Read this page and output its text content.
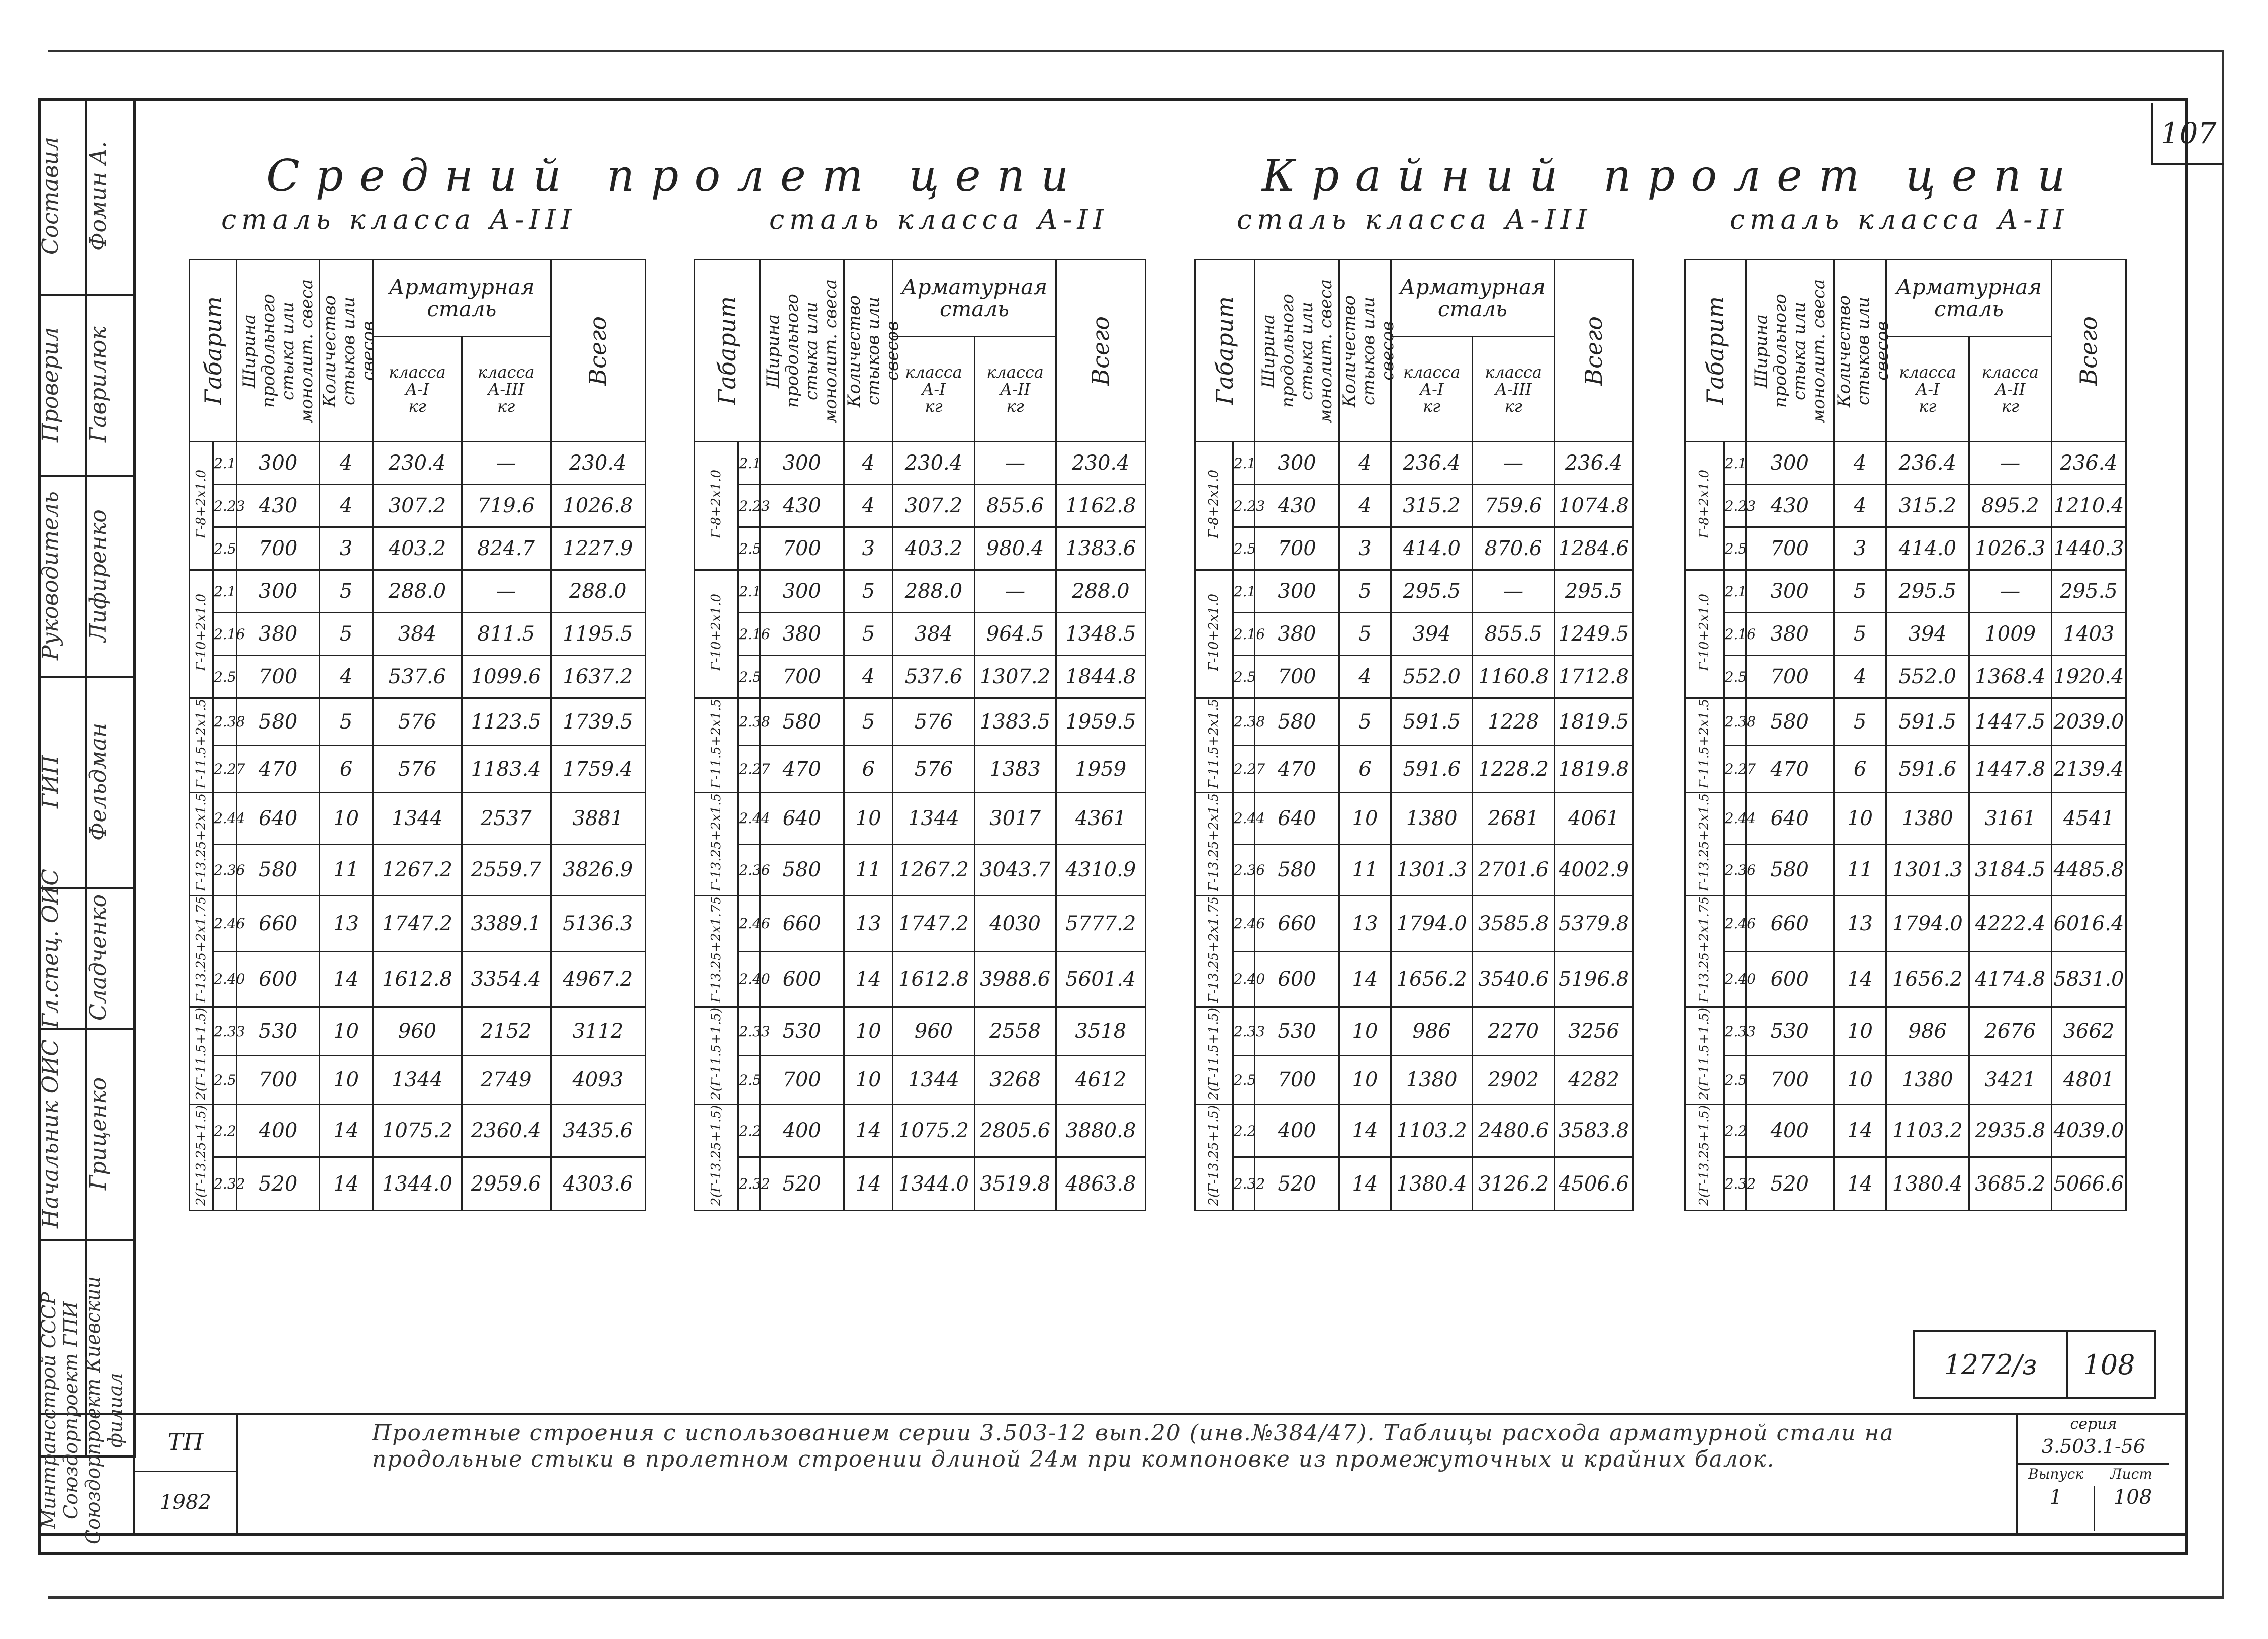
Составил	Фомин А.
Проверил	Гаврилюк
Руководитель	Лифиренко
ГИП	Фельдман
Гл.спец. ОИС	Сладченко
Начальник ОИС	Гриценко
Минтрансстрой СССР Союздорпроект ГПИ Союздорпроект Киевский филиал
107
Средний пролет цепи	Крайний пролет цепи
сталь класса А-III	сталь класса А-II	сталь класса А-III	сталь класса А-II
Габарит		Ширина продольного стыка или монолит. свеса	Количество стыков или свесов	Арматурная сталь		Всего

				класса
А-I
кг	класса
А-III
кг	

Г-8+2х1.0	2.1	300	4	230.4	—	230.4
	2.23	430	4	307.2	719.6	1026.8
	2.5	700	3	403.2	824.7	1227.9
Г-10+2х1.0	2.1	300	5	288.0	—	288.0
	2.16	380	5	384	811.5	1195.5
	2.5	700	4	537.6	1099.6	1637.2
Г-11.5+2х1.5	2.38	580	5	576	1123.5	1739.5
	2.27	470	6	576	1183.4	1759.4
Г-13.25+2х1.5	2.44	640	10	1344	2537	3881
	2.36	580	11	1267.2	2559.7	3826.9
Г-13.25+2х1.75	2.46	660	13	1747.2	3389.1	5136.3
	2.40	600	14	1612.8	3354.4	4967.2
2(Г-11.5+1.5)	2.33	530	10	960	2152	3112
	2.5	700	10	1344	2749	4093
2(Г-13.25+1.5)	2.2	400	14	1075.2	2360.4	3435.6
	2.32	520	14	1344.0	2959.6	4303.6
Габарит		Ширина продольного стыка или монолит. свеса	Количество стыков или свесов	Арматурная сталь		Всего

				класса
А-I
кг	класса
А-II
кг	

Г-8+2х1.0	2.1	300	4	230.4	—	230.4
	2.23	430	4	307.2	855.6	1162.8
	2.5	700	3	403.2	980.4	1383.6
Г-10+2х1.0	2.1	300	5	288.0	—	288.0
	2.16	380	5	384	964.5	1348.5
	2.5	700	4	537.6	1307.2	1844.8
Г-11.5+2х1.5	2.38	580	5	576	1383.5	1959.5
	2.27	470	6	576	1383	1959
Г-13.25+2х1.5	2.44	640	10	1344	3017	4361
	2.36	580	11	1267.2	3043.7	4310.9
Г-13.25+2х1.75	2.46	660	13	1747.2	4030	5777.2
	2.40	600	14	1612.8	3988.6	5601.4
2(Г-11.5+1.5)	2.33	530	10	960	2558	3518
	2.5	700	10	1344	3268	4612
2(Г-13.25+1.5)	2.2	400	14	1075.2	2805.6	3880.8
	2.32	520	14	1344.0	3519.8	4863.8
Габарит		Ширина продольного стыка или монолит. свеса	Количество стыков или свесов	Арматурная сталь		Всего

				класса
А-I
кг	класса
А-III
кг	

Г-8+2х1.0	2.1	300	4	236.4	—	236.4
	2.23	430	4	315.2	759.6	1074.8
	2.5	700	3	414.0	870.6	1284.6
Г-10+2х1.0	2.1	300	5	295.5	—	295.5
	2.16	380	5	394	855.5	1249.5
	2.5	700	4	552.0	1160.8	1712.8
Г-11.5+2х1.5	2.38	580	5	591.5	1228	1819.5
	2.27	470	6	591.6	1228.2	1819.8
Г-13.25+2х1.5	2.44	640	10	1380	2681	4061
	2.36	580	11	1301.3	2701.6	4002.9
Г-13.25+2х1.75	2.46	660	13	1794.0	3585.8	5379.8
	2.40	600	14	1656.2	3540.6	5196.8
2(Г-11.5+1.5)	2.33	530	10	986	2270	3256
	2.5	700	10	1380	2902	4282
2(Г-13.25+1.5)	2.2	400	14	1103.2	2480.6	3583.8
	2.32	520	14	1380.4	3126.2	4506.6
Габарит		Ширина продольного стыка или монолит. свеса	Количество стыков или свесов	Арматурная сталь		Всего

				класса
А-I
кг	класса
А-II
кг	

Г-8+2х1.0	2.1	300	4	236.4	—	236.4
	2.23	430	4	315.2	895.2	1210.4
	2.5	700	3	414.0	1026.3	1440.3
Г-10+2х1.0	2.1	300	5	295.5	—	295.5
	2.16	380	5	394	1009	1403
	2.5	700	4	552.0	1368.4	1920.4
Г-11.5+2х1.5	2.38	580	5	591.5	1447.5	2039.0
	2.27	470	6	591.6	1447.8	2139.4
Г-13.25+2х1.5	2.44	640	10	1380	3161	4541
	2.36	580	11	1301.3	3184.5	4485.8
Г-13.25+2х1.75	2.46	660	13	1794.0	4222.4	6016.4
	2.40	600	14	1656.2	4174.8	5831.0
2(Г-11.5+1.5)	2.33	530	10	986	2676	3662
	2.5	700	10	1380	3421	4801
2(Г-13.25+1.5)	2.2	400	14	1103.2	2935.8	4039.0
	2.32	520	14	1380.4	3685.2	5066.6
1272/з	108
ТП
1982
Пролетные строения с использованием серии 3.503-12 вып.20 (инв.№384/47). Таблицы расхода арматурной стали на продольные стыки в пролетном строении длиной 24м при компоновке из промежуточных и крайних балок.
серия
3.503.1-56
Выпуск	Лист
1	108
